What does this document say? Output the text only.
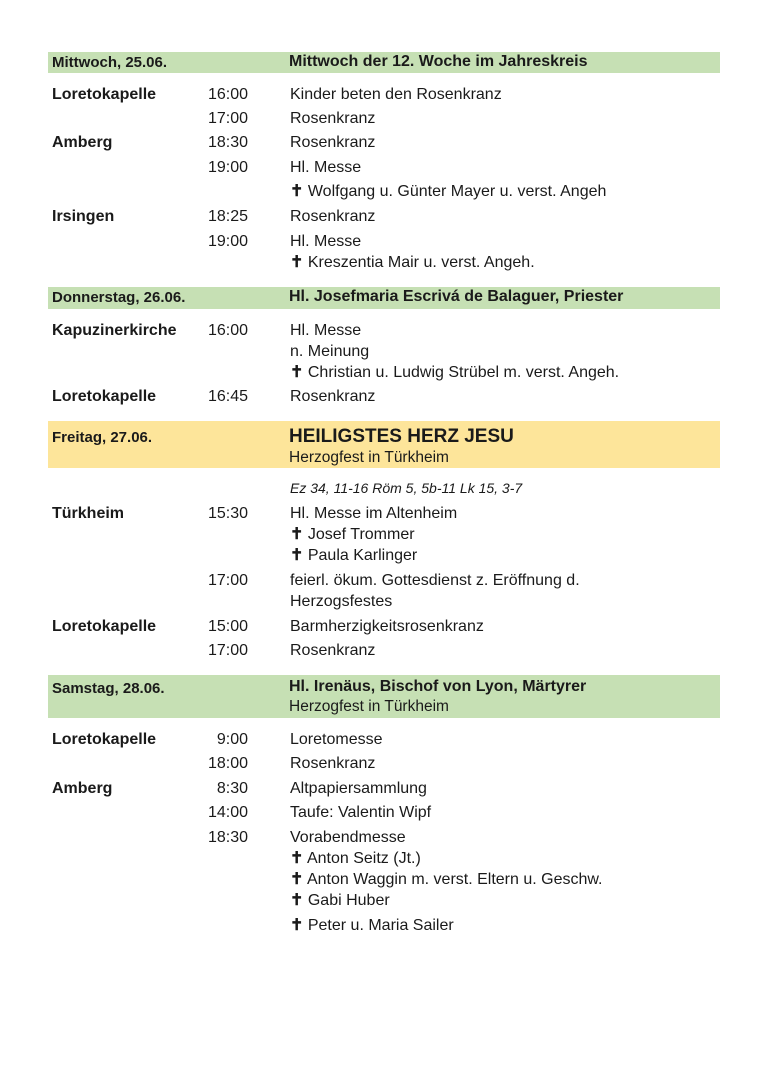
Mittwoch, 25.06.	Mittwoch der 12. Woche im Jahreskreis
Loretokapelle	16:00	Kinder beten den Rosenkranz
17:00	Rosenkranz
Amberg	18:30	Rosenkranz
19:00	Hl. Messe
✝ Wolfgang u. Günter Mayer u. verst. Angeh
Irsingen	18:25	Rosenkranz
19:00	Hl. Messe
✝ Kreszentia Mair u. verst. Angeh.
Donnerstag, 26.06.	Hl. Josefmaria Escrivá de Balaguer, Priester
Kapuzinerkirche 16:00	Hl. Messe
n. Meinung
✝ Christian u. Ludwig Strübel m. verst. Angeh.
Loretokapelle	16:45	Rosenkranz
Freitag, 27.06.	HEILIGSTES HERZ JESU
Herzogfest in Türkheim
Ez 34, 11-16 Röm 5, 5b-11 Lk 15, 3-7
Türkheim	15:30	Hl. Messe im Altenheim
✝ Josef Trommer
✝ Paula Karlinger
17:00	feierl. ökum. Gottesdienst z. Eröffnung d.
Herzogsfestes
Loretokapelle	15:00	Barmherzigkeitsrosenkranz
17:00	Rosenkranz
Samstag, 28.06.	Hl. Irenäus, Bischof von Lyon, Märtyrer
Herzogfest in Türkheim
Loretokapelle	9:00	Loretomesse
18:00	Rosenkranz
Amberg	8:30	Altpapiersammlung
14:00	Taufe: Valentin Wipf
18:30	Vorabendmesse
✝ Anton Seitz (Jt.)
✝ Anton Waggin m. verst. Eltern u. Geschw.
✝ Gabi Huber
✝ Peter u. Maria Sailer
